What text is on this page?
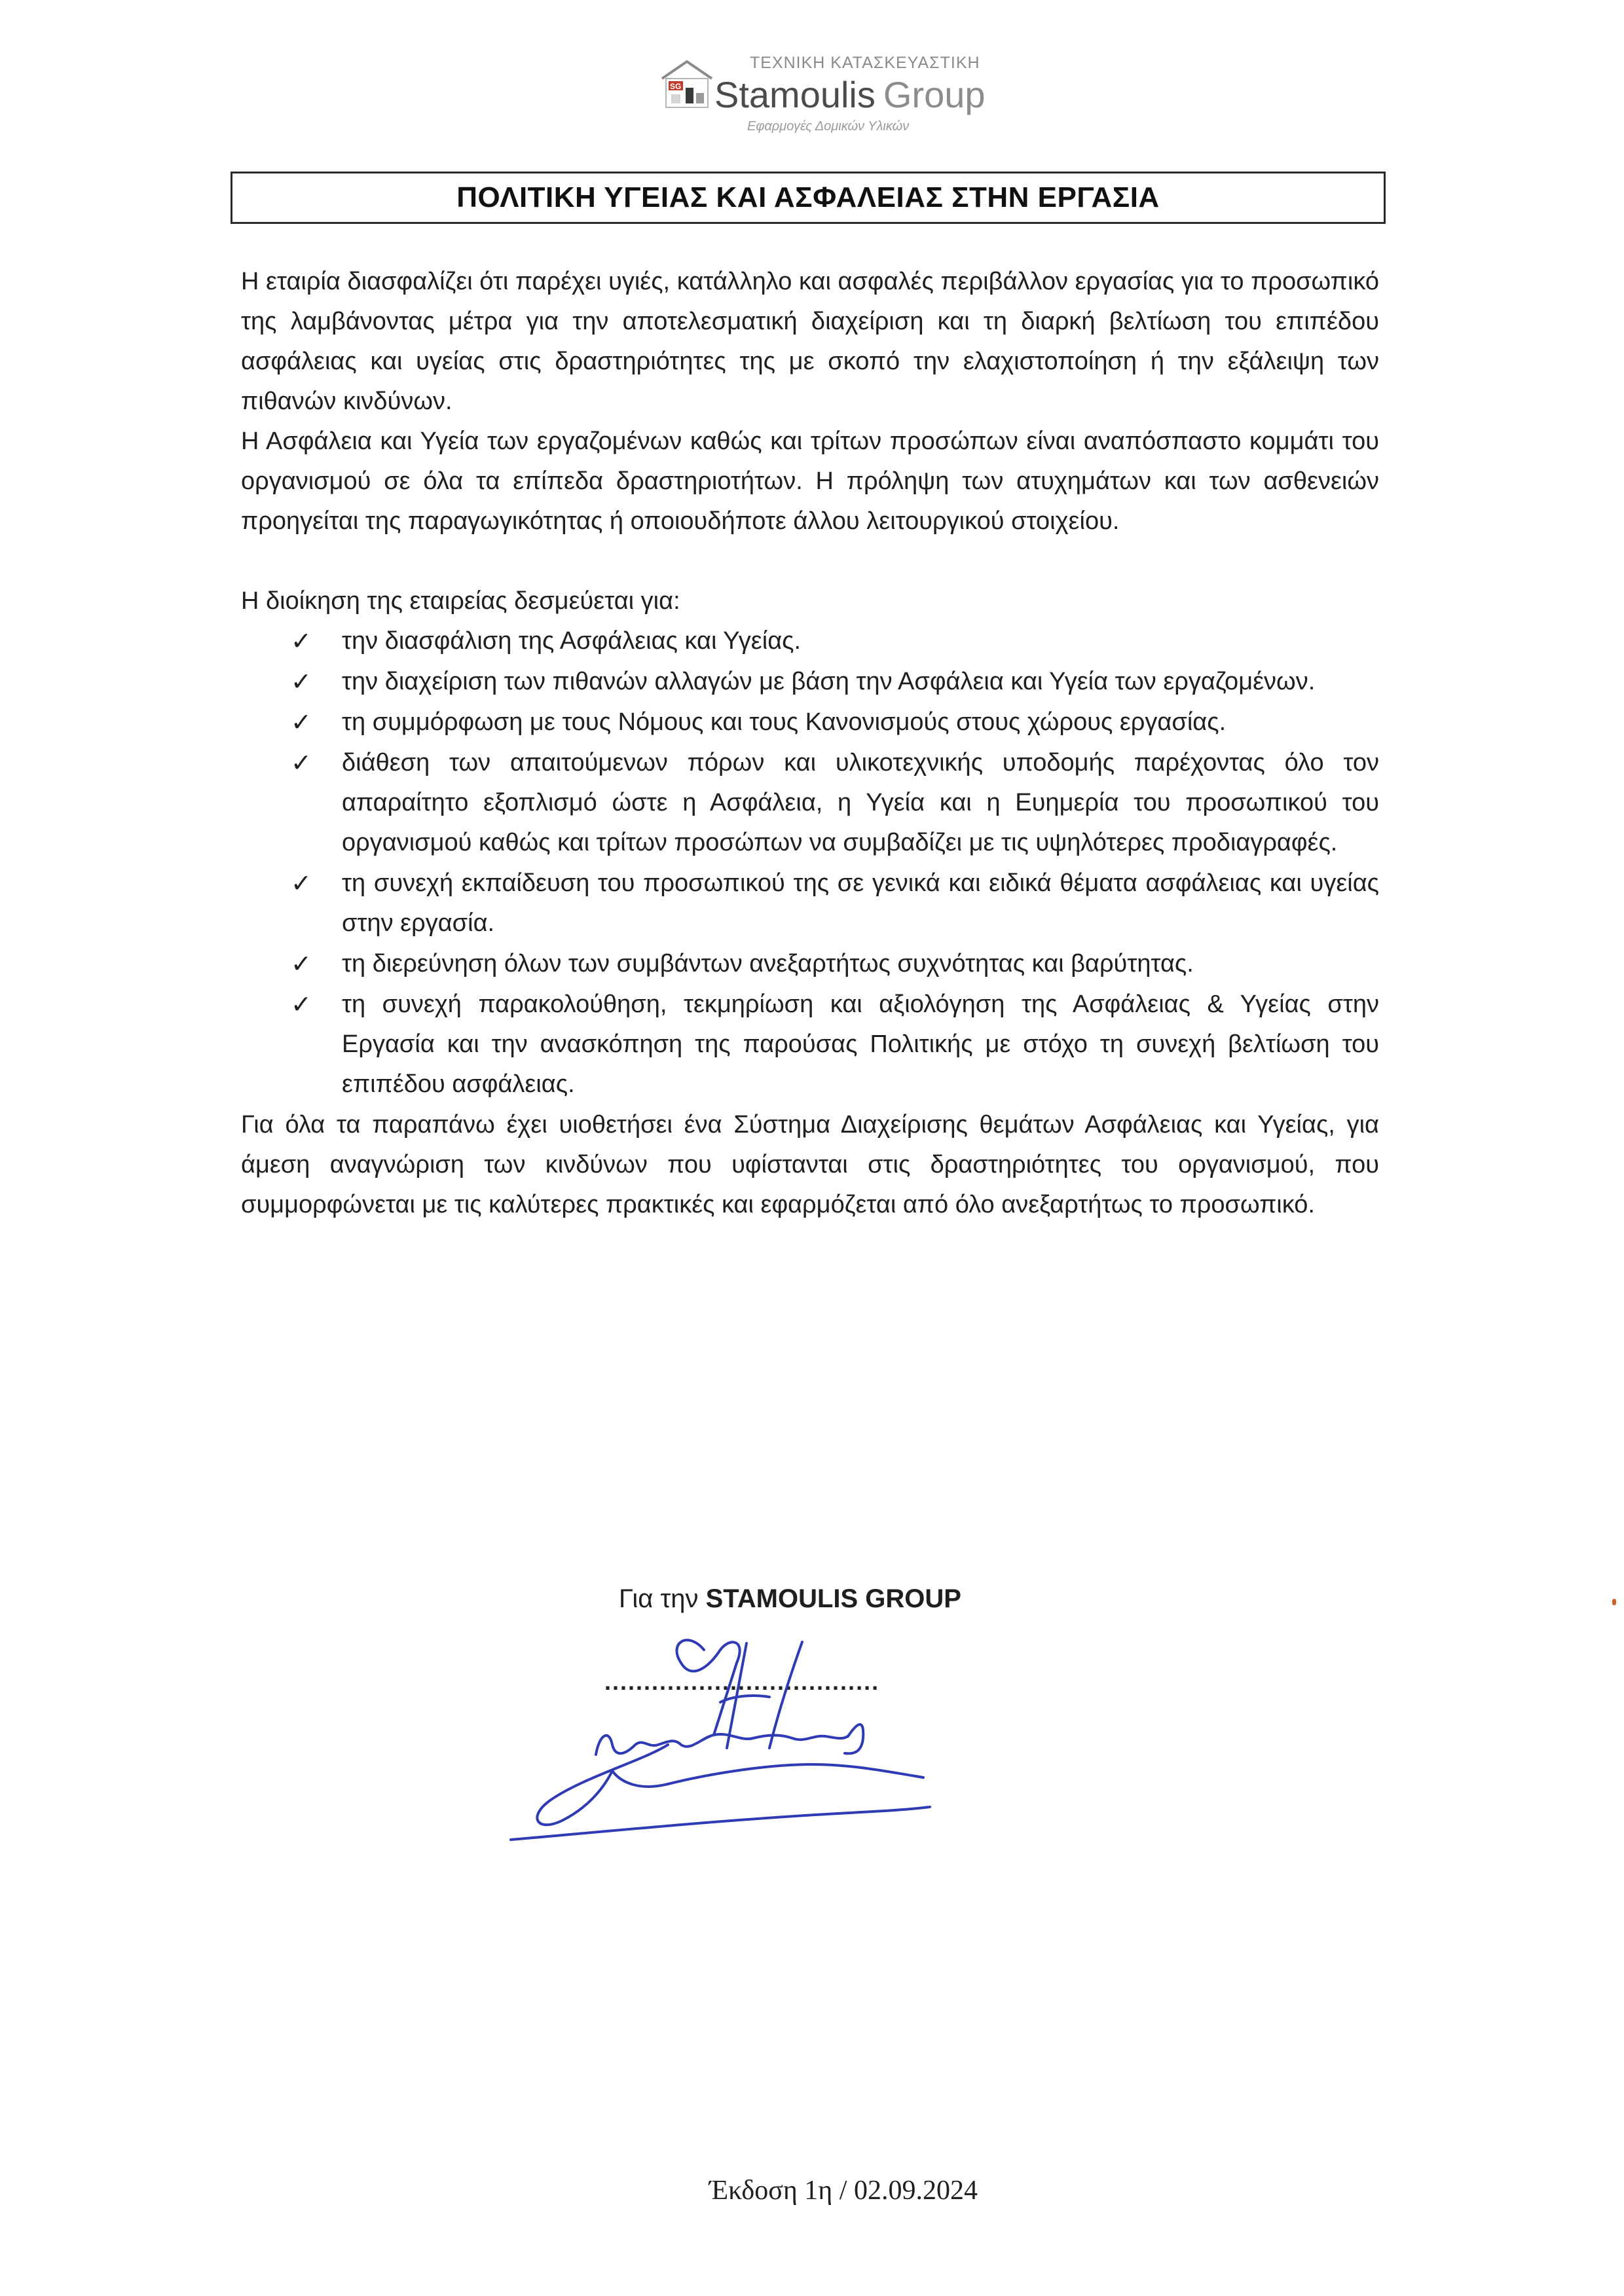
SG
ΤΕΧΝΙΚΗ ΚΑΤΑΣΚΕΥΑΣΤΙΚΗ
Stamoulis Group
Εφαρμογές Δομικών Υλικών
ΠΟΛΙΤΙΚΗ ΥΓΕΙΑΣ ΚΑΙ ΑΣΦΑΛΕΙΑΣ ΣΤΗΝ ΕΡΓΑΣΙΑ

Η εταιρία διασφαλίζει ότι παρέχει υγιές, κατάλληλο και ασφαλές περιβάλλον εργασίας για το προσωπικό της λαμβάνοντας μέτρα για την αποτελεσματική διαχείριση και τη διαρκή βελτίωση του επιπέδου ασφάλειας και υγείας στις δραστηριότητες της με σκοπό την ελαχιστοποίηση ή την εξάλειψη των πιθανών κινδύνων.

Η Ασφάλεια και Υγεία των εργαζομένων καθώς και τρίτων προσώπων είναι αναπόσπαστο κομμάτι του οργανισμού σε όλα τα επίπεδα δραστηριοτήτων. Η πρόληψη των ατυχημάτων και των ασθενειών προηγείται της παραγωγικότητας ή οποιουδήποτε άλλου λειτουργικού στοιχείου.

Η διοίκηση της εταιρείας δεσμεύεται για:

✓ την διασφάλιση της Ασφάλειας και Υγείας.
✓ την διαχείριση των πιθανών αλλαγών με βάση την Ασφάλεια και Υγεία των εργαζομένων.
✓ τη συμμόρφωση με τους Νόμους και τους Κανονισμούς στους χώρους εργασίας.
✓ διάθεση των απαιτούμενων πόρων και υλικοτεχνικής υποδομής παρέχοντας όλο τον απαραίτητο εξοπλισμό ώστε η Ασφάλεια, η Υγεία και η Ευημερία του προσωπικού του οργανισμού καθώς και τρίτων προσώπων να συμβαδίζει με τις υψηλότερες προδιαγραφές.
✓ τη συνεχή εκπαίδευση του προσωπικού της σε γενικά και ειδικά θέματα ασφάλειας και υγείας στην εργασία.
✓ τη διερεύνηση όλων των συμβάντων ανεξαρτήτως συχνότητας και βαρύτητας.
✓ τη συνεχή παρακολούθηση, τεκμηρίωση και αξιολόγηση της Ασφάλειας & Υγείας στην Εργασία και την ανασκόπηση της παρούσας Πολιτικής με στόχο τη συνεχή βελτίωση του επιπέδου ασφάλειας.

Για όλα τα παραπάνω έχει υιοθετήσει ένα Σύστημα Διαχείρισης θεμάτων Ασφάλειας και Υγείας, για άμεση αναγνώριση των κινδύνων που υφίστανται στις δραστηριότητες του οργανισμού, που συμμορφώνεται με τις καλύτερες πρακτικές και εφαρμόζεται από όλο ανεξαρτήτως το προσωπικό.

Για την STAMOULIS GROUP
...................................
Έκδοση 1η / 02.09.2024
